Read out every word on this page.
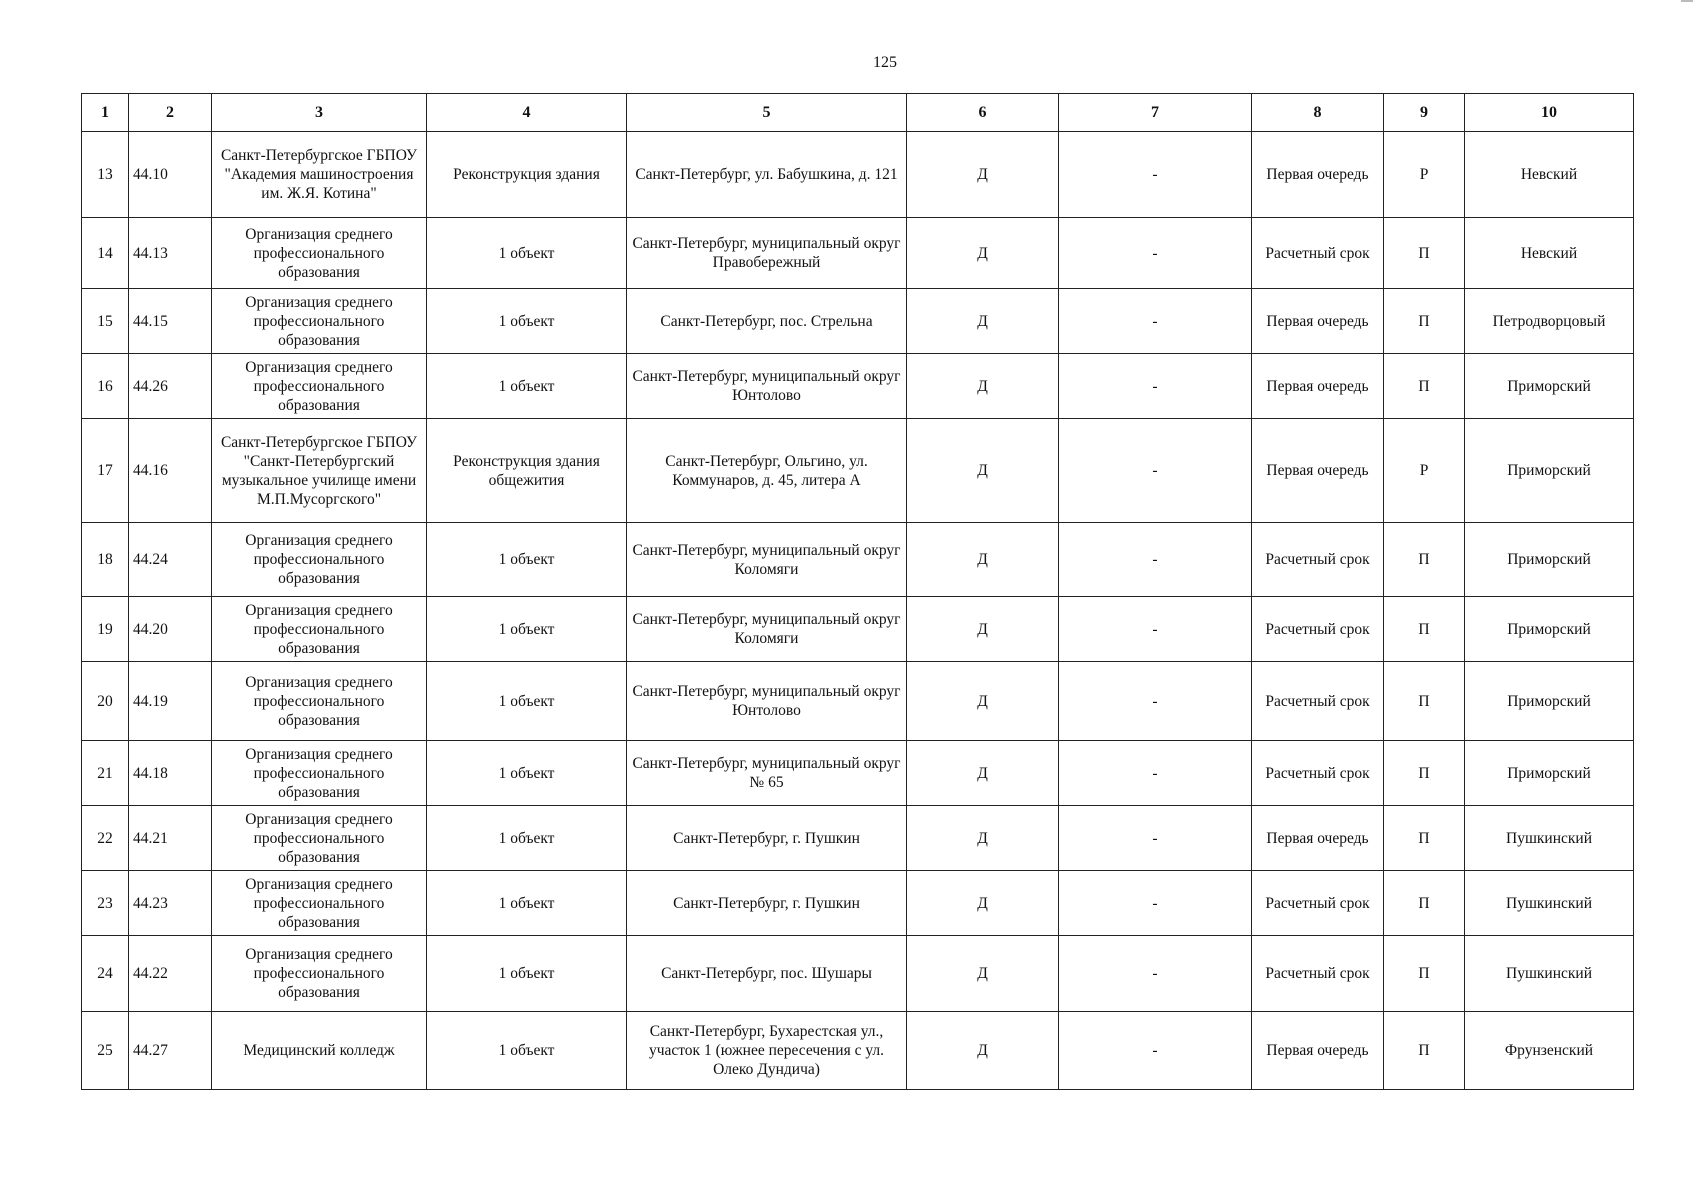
125
1	2	3	4	5	6	7	8	9	10
13	44.10	Санкт-Петербургское ГБПОУ "Академия машиностроения им. Ж.Я. Котина"	Реконструкция здания	Санкт-Петербург, ул. Бабушкина, д. 121	Д	-	Первая очередь	Р	Невский
14	44.13	Организация среднего профессионального образования	1 объект	Санкт-Петербург, муниципальный округ Правобережный	Д	-	Расчетный срок	П	Невский
15	44.15	Организация среднего профессионального образования	1 объект	Санкт-Петербург, пос. Стрельна	Д	-	Первая очередь	П	Петродворцовый
16	44.26	Организация среднего профессионального образования	1 объект	Санкт-Петербург, муниципальный округ Юнтолово	Д	-	Первая очередь	П	Приморский
17	44.16	Санкт-Петербургское ГБПОУ "Санкт-Петербургский музыкальное училище имени М.П.Мусоргского"	Реконструкция здания общежития	Санкт-Петербург, Ольгино, ул. Коммунаров, д. 45, литера А	Д	-	Первая очередь	Р	Приморский
18	44.24	Организация среднего профессионального образования	1 объект	Санкт-Петербург, муниципальный округ Коломяги	Д	-	Расчетный срок	П	Приморский
19	44.20	Организация среднего профессионального образования	1 объект	Санкт-Петербург, муниципальный округ Коломяги	Д	-	Расчетный срок	П	Приморский
20	44.19	Организация среднего профессионального образования	1 объект	Санкт-Петербург, муниципальный округ Юнтолово	Д	-	Расчетный срок	П	Приморский
21	44.18	Организация среднего профессионального образования	1 объект	Санкт-Петербург, муниципальный округ № 65	Д	-	Расчетный срок	П	Приморский
22	44.21	Организация среднего профессионального образования	1 объект	Санкт-Петербург, г. Пушкин	Д	-	Первая очередь	П	Пушкинский
23	44.23	Организация среднего профессионального образования	1 объект	Санкт-Петербург, г. Пушкин	Д	-	Расчетный срок	П	Пушкинский
24	44.22	Организация среднего профессионального образования	1 объект	Санкт-Петербург, пос. Шушары	Д	-	Расчетный срок	П	Пушкинский
25	44.27	Медицинский колледж	1 объект	Санкт-Петербург, Бухарестская ул., участок 1 (южнее пересечения с ул. Олеко Дундича)	Д	-	Первая очередь	П	Фрунзенский
